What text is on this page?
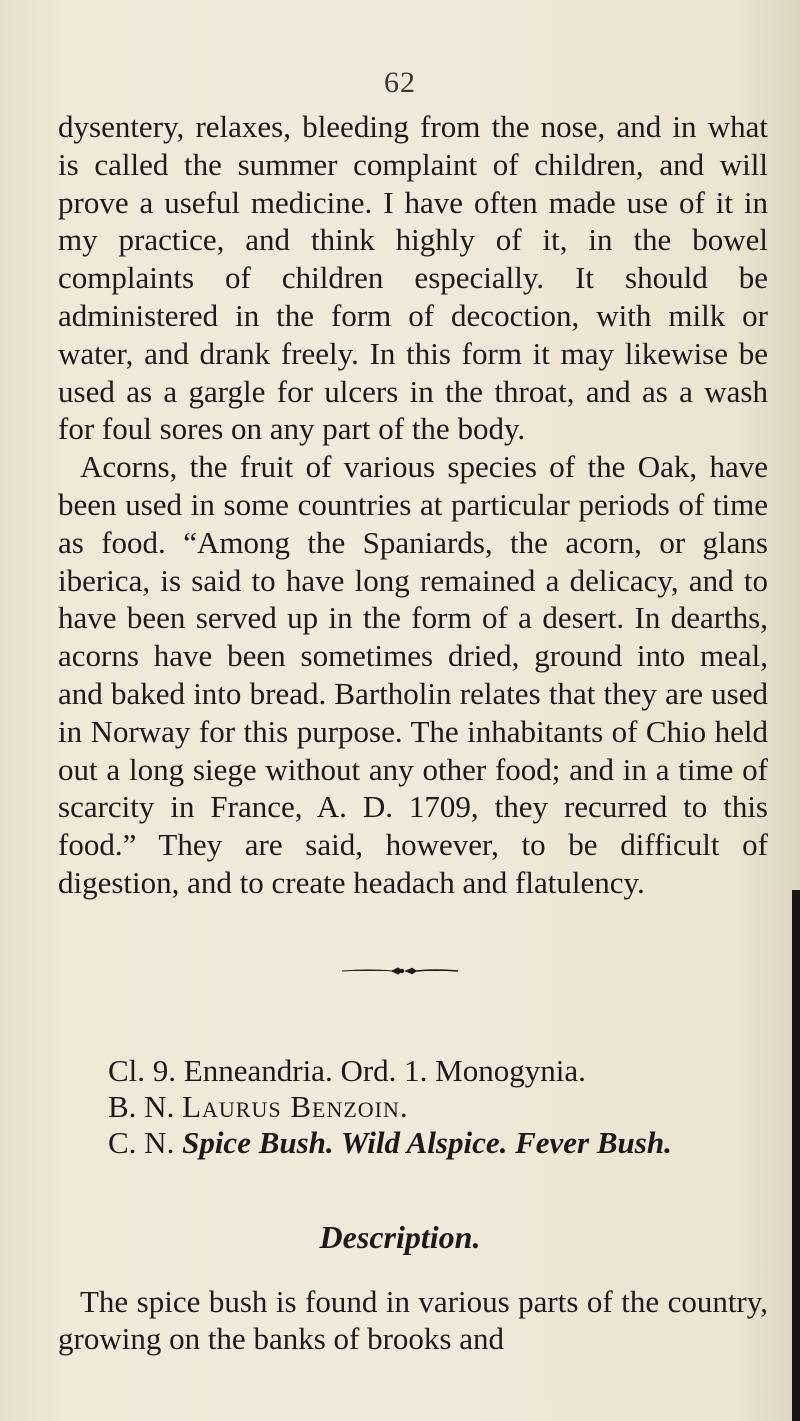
62

dysentery, relaxes, bleeding from the nose, and in what is called the summer complaint of children, and will prove a useful medicine. I have often made use of it in my practice, and think highly of it, in the bowel complaints of children especially. It should be administered in the form of decoction, with milk or water, and drank freely. In this form it may likewise be used as a gargle for ulcers in the throat, and as a wash for foul sores on any part of the body.

Acorns, the fruit of various species of the Oak, have been used in some countries at particular periods of time as food. “Among the Spaniards, the acorn, or glans iberica, is said to have long remained a delicacy, and to have been served up in the form of a desert. In dearths, acorns have been sometimes dried, ground into meal, and baked into bread. Bartholin relates that they are used in Norway for this purpose. The inhabitants of Chio held out a long siege without any other food; and in a time of scarcity in France, A. D. 1709, they recurred to this food.” They are said, however, to be difficult of digestion, and to create headach and flatulency.

Cl. 9. Enneandria. Ord. 1. Monogynia.
B. N. Laurus Benzoin.
C. N. Spice Bush. Wild Alspice. Fever Bush.
Description.

The spice bush is found in various parts of the country, growing on the banks of brooks and
